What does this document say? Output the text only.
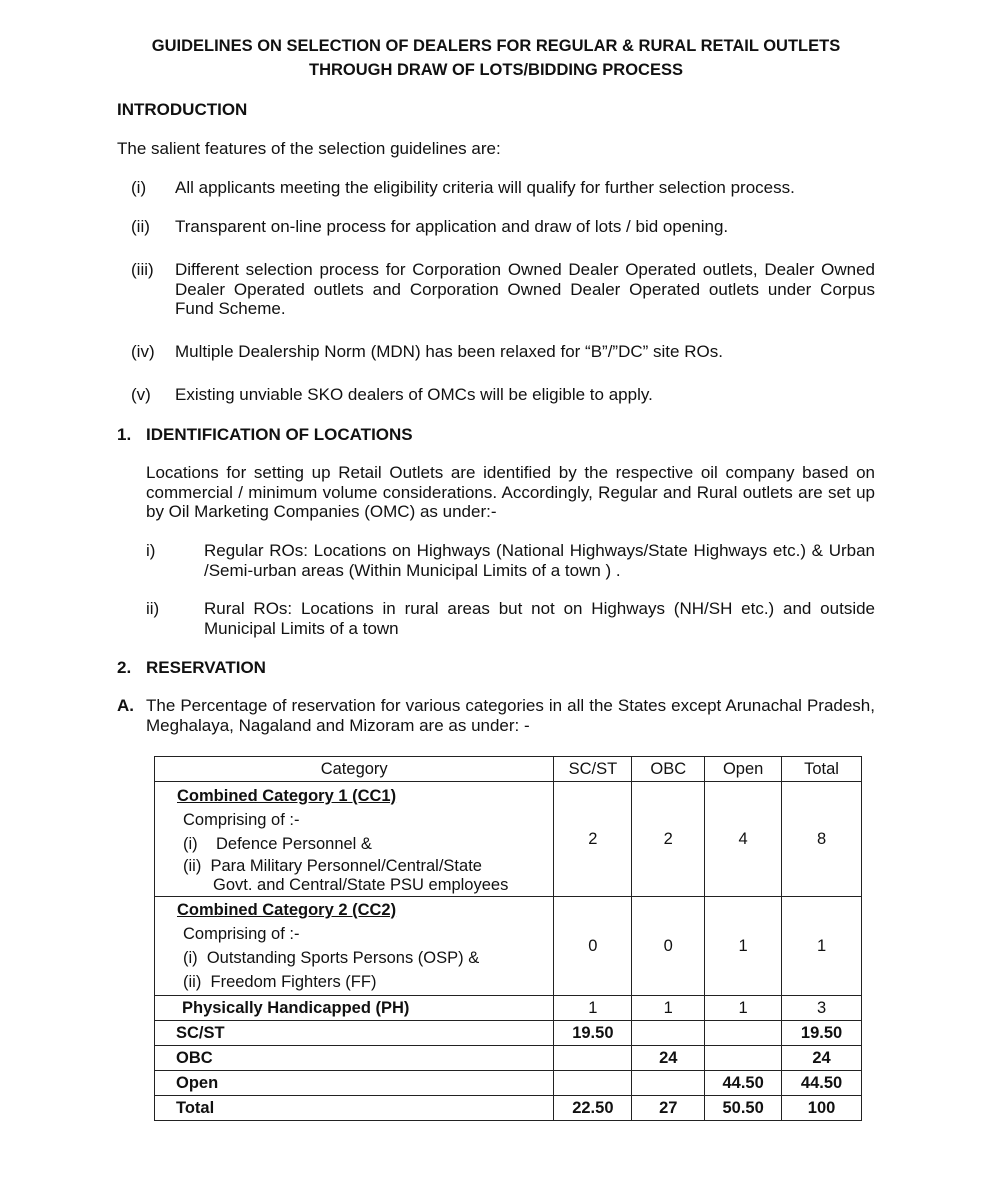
GUIDELINES ON SELECTION OF DEALERS FOR REGULAR & RURAL RETAIL OUTLETS
THROUGH DRAW OF LOTS/BIDDING PROCESS
INTRODUCTION
The salient features of the selection guidelines are:
(i) All applicants meeting the eligibility criteria will qualify for further selection process.
(ii) Transparent on-line process for application and draw of lots / bid opening.
(iii) Different selection process for Corporation Owned Dealer Operated outlets, Dealer Owned Dealer Operated outlets and Corporation Owned Dealer Operated outlets under Corpus Fund Scheme.
(iv) Multiple Dealership Norm (MDN) has been relaxed for “B”/”DC” site ROs.
(v) Existing unviable SKO dealers of OMCs will be eligible to apply.
1. IDENTIFICATION OF LOCATIONS
Locations for setting up Retail Outlets are identified by the respective oil company based on commercial / minimum volume considerations. Accordingly, Regular and Rural outlets are set up by Oil Marketing Companies (OMC) as under:-
i)	Regular ROs: Locations on Highways (National Highways/State Highways etc.) & Urban /Semi-urban areas (Within Municipal Limits of a town ) .
ii)	Rural ROs: Locations in rural areas but not on Highways (NH/SH etc.) and outside Municipal Limits of a town
2. RESERVATION
A. The Percentage of reservation for various categories in all the States except Arunachal Pradesh, Meghalaya, Nagaland and Mizoram are as under: -
Category	SC/ST	OBC	Open	Total

Combined Category 1 (CC1)
Comprising of :-
(i) Defence Personnel &
(ii) Para Military Personnel/Central/State
Govt. and Central/State PSU employees	2	2	4	8

Combined Category 2 (CC2)
Comprising of :-
(i) Outstanding Sports Persons (OSP) &
(ii) Freedom Fighters (FF)	0	0	1	1
Physically Handicapped (PH)	1	1	1	3
SC/ST	19.50			19.50
OBC		24		24
Open			44.50	44.50
Total	22.50	27	50.50	100
